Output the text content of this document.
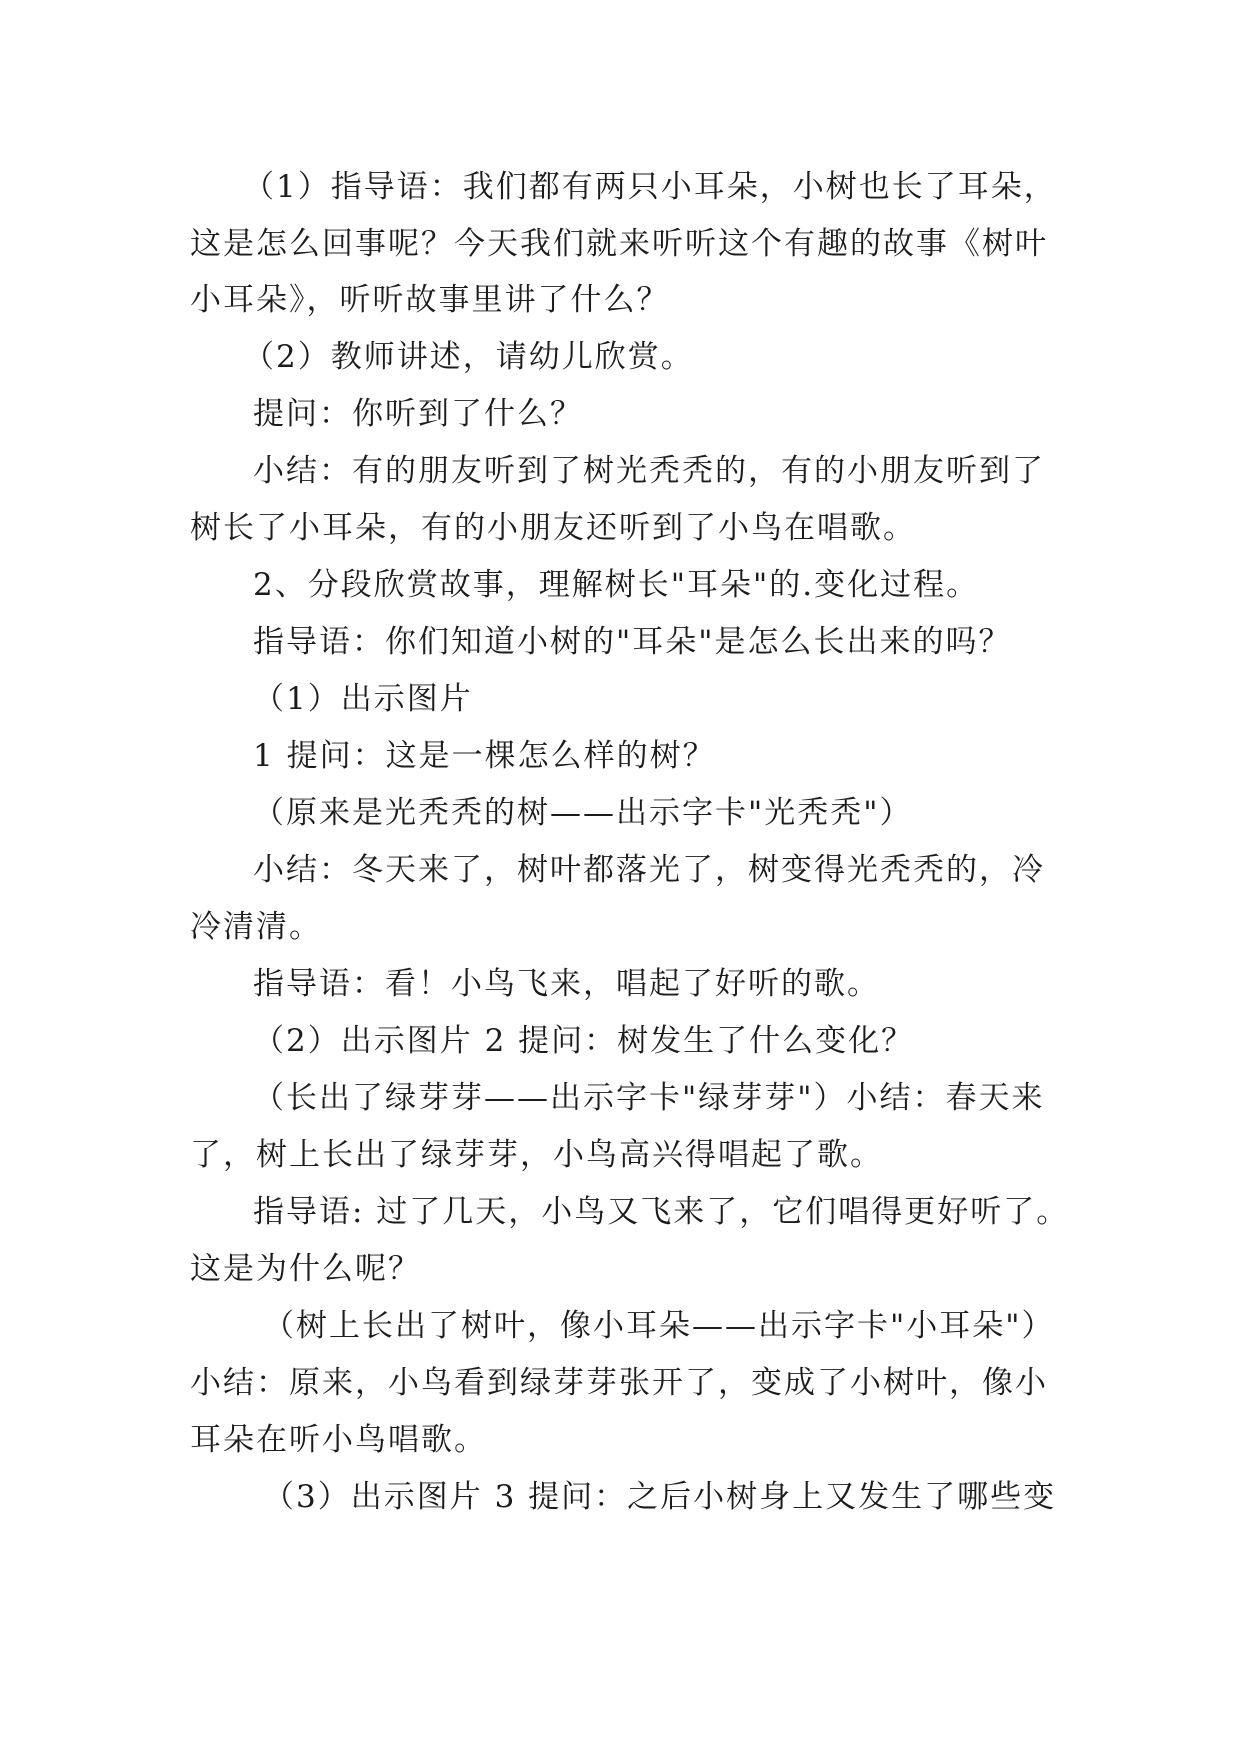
（1）指导语：我们都有两只小耳朵，小树也长了耳朵，
这是怎么回事呢？今天我们就来听听这个有趣的故事《树叶
小耳朵》，听听故事里讲了什么？
（2）教师讲述，请幼儿欣赏。
提问：你听到了什么？
小结：有的朋友听到了树光秃秃的，有的小朋友听到了
树长了小耳朵，有的小朋友还听到了小鸟在唱歌。
2、分段欣赏故事，理解树长"耳朵"的.变化过程。
指导语：你们知道小树的"耳朵"是怎么长出来的吗？
（1）出示图片
1 提问：这是一棵怎么样的树？
（原来是光秃秃的树——出示字卡"光秃秃"）
小结：冬天来了，树叶都落光了，树变得光秃秃的，冷
冷清清。
指导语：看！小鸟飞来，唱起了好听的歌。
（2）出示图片 2 提问：树发生了什么变化？
（长出了绿芽芽——出示字卡"绿芽芽"）小结：春天来
了，树上长出了绿芽芽，小鸟高兴得唱起了歌。
指导语: 过了几天，小鸟又飞来了，它们唱得更好听了。
这是为什么呢？
（树上长出了树叶，像小耳朵——出示字卡"小耳朵"）
小结：原来，小鸟看到绿芽芽张开了，变成了小树叶，像小
耳朵在听小鸟唱歌。
（3）出示图片 3 提问：之后小树身上又发生了哪些变
